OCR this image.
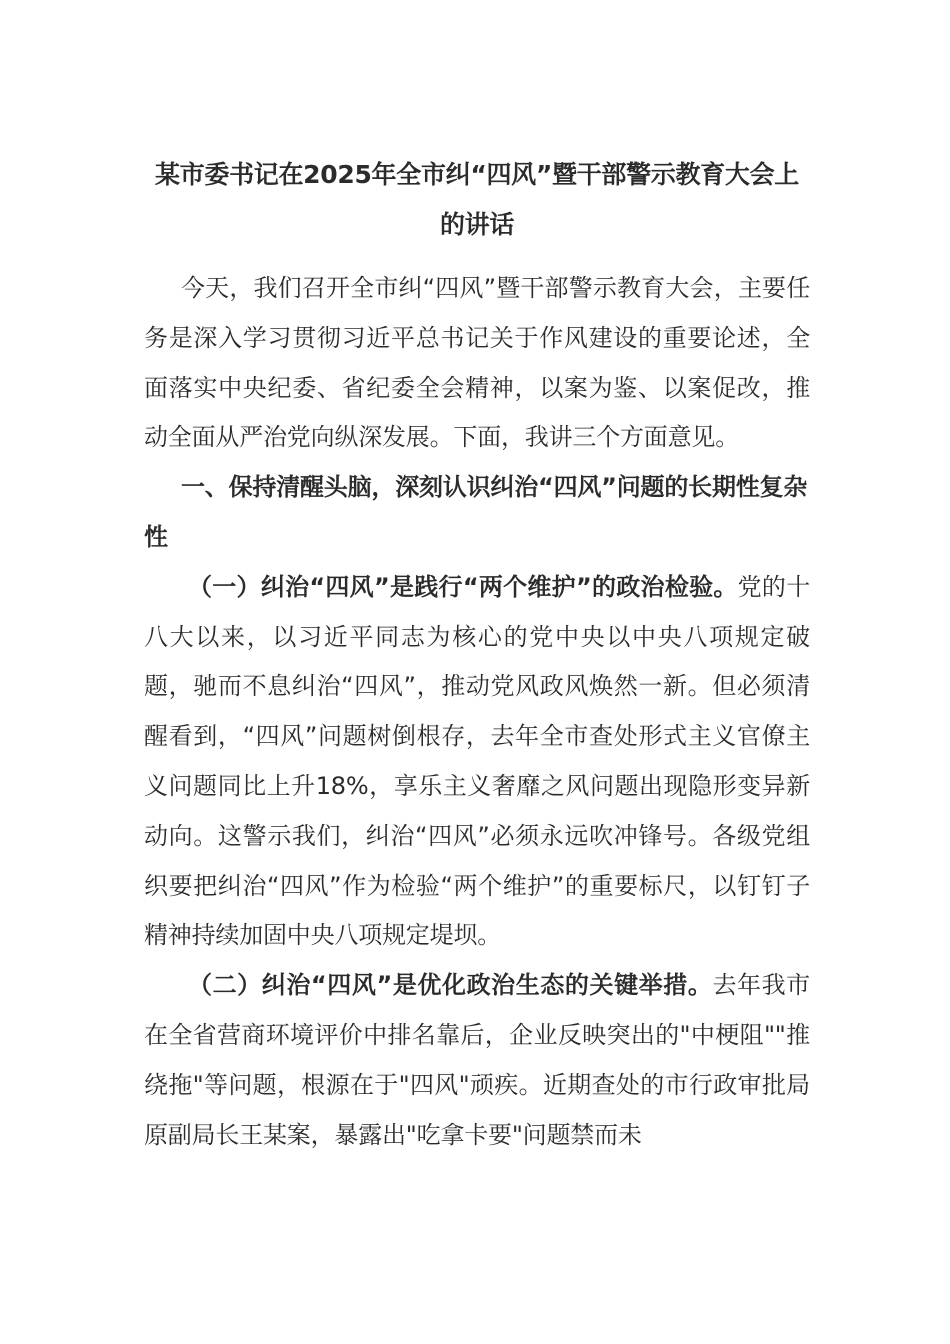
某市委书记在2025年全市纠“四风”暨干部警示教育大会上的讲话

今天，我们召开全市纠“四风”暨干部警示教育大会，主要任务是深入学习贯彻习近平总书记关于作风建设的重要论述，全面落实中央纪委、省纪委全会精神，以案为鉴、以案促改，推动全面从严治党向纵深发展。下面，我讲三个方面意见。

一、保持清醒头脑，深刻认识纠治“四风”问题的长期性复杂性

（一）纠治“四风”是践行“两个维护”的政治检验。党的十八大以来，以习近平同志为核心的党中央以中央八项规定破题，驰而不息纠治“四风”，推动党风政风焕然一新。但必须清醒看到，“四风”问题树倒根存，去年全市查处形式主义官僚主义问题同比上升18%，享乐主义奢靡之风问题出现隐形变异新动向。这警示我们，纠治“四风”必须永远吹冲锋号。各级党组织要把纠治“四风”作为检验“两个维护”的重要标尺，以钉钉子精神持续加固中央八项规定堤坝。

（二）纠治“四风”是优化政治生态的关键举措。去年我市在全省营商环境评价中排名靠后，企业反映突出的"中梗阻""推绕拖"等问题，根源在于"四风"顽疾。近期查处的市行政审批局原副局长王某案，暴露出"吃拿卡要"问题禁而未
